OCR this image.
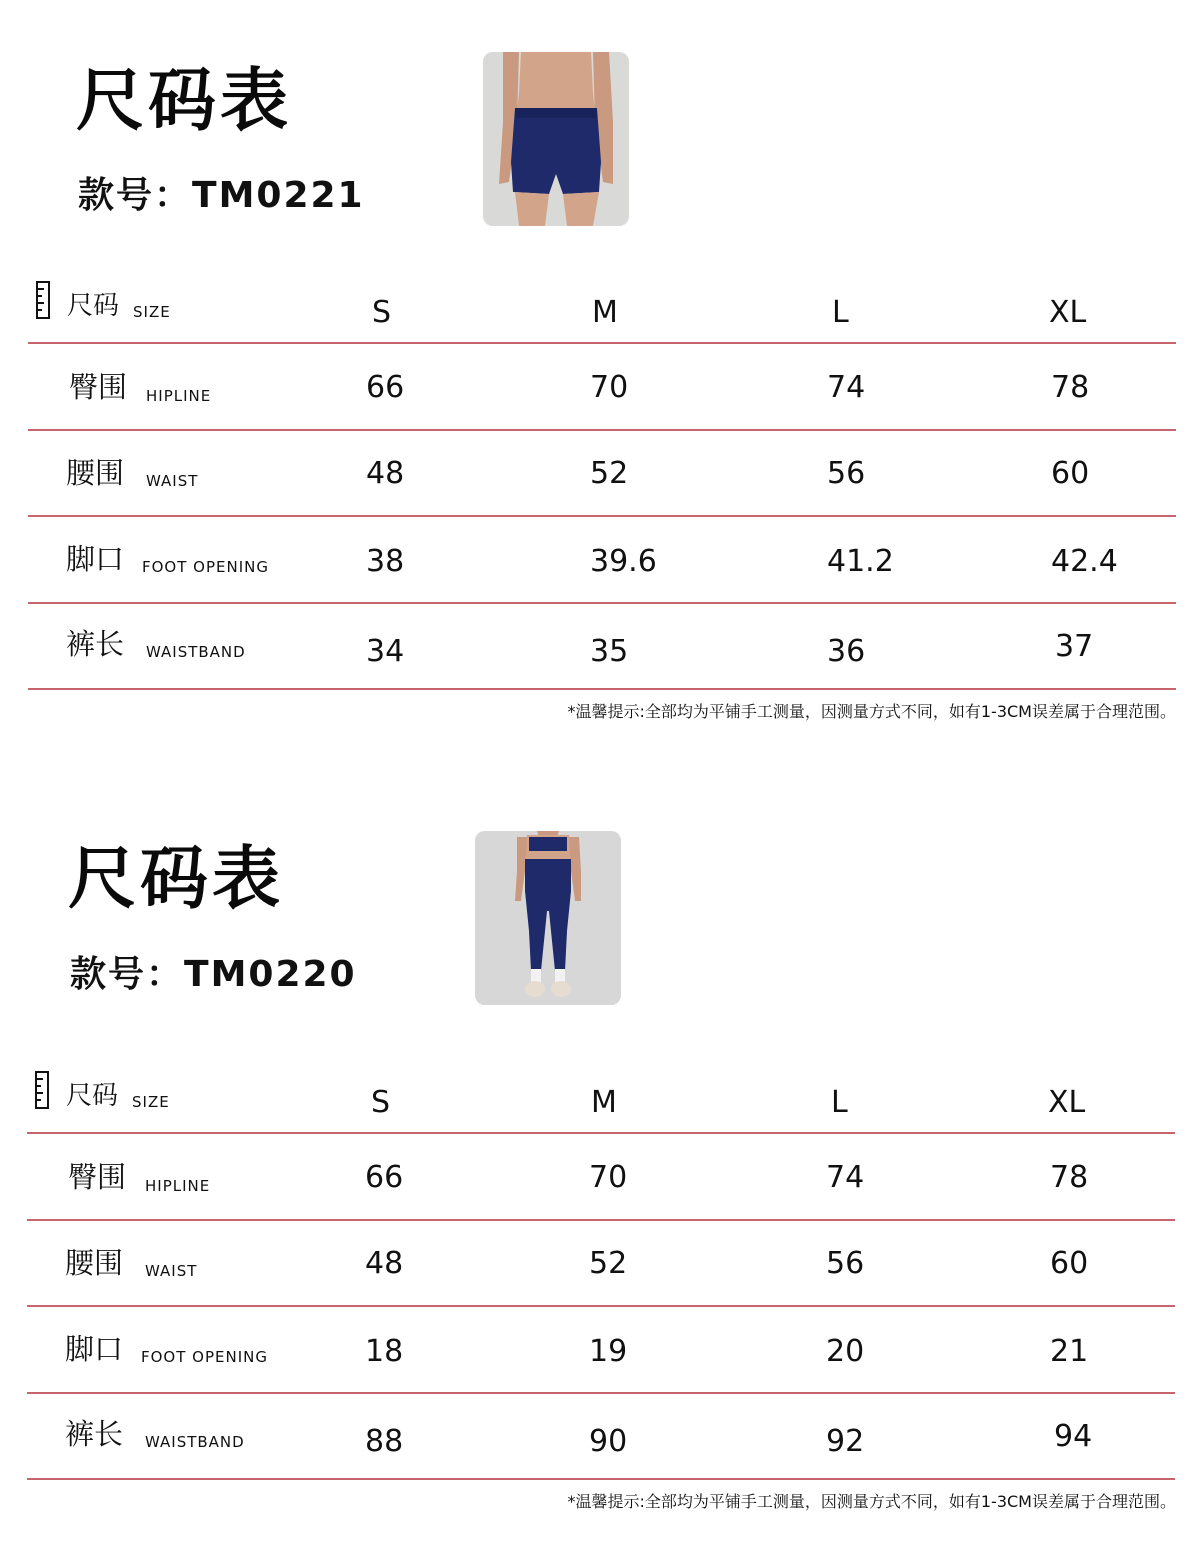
尺码表
款号：TM0221
尺码 SIZE	S	M	L	XL
臀围 HIPLINE	66	70	74	78
腰围 WAIST	48	52	56	60
脚口 FOOT OPENING	38	39.6	41.2	42.4
裤长 WAISTBAND	34	35	36	37
*温馨提示:全部均为平铺手工测量，因测量方式不同，如有1-3CM误差属于合理范围。
尺码表
款号：TM0220
尺码 SIZE	S	M	L	XL
臀围 HIPLINE	66	70	74	78
腰围 WAIST	48	52	56	60
脚口 FOOT OPENING	18	19	20	21
裤长 WAISTBAND	88	90	92	94
*温馨提示:全部均为平铺手工测量，因测量方式不同，如有1-3CM误差属于合理范围。
